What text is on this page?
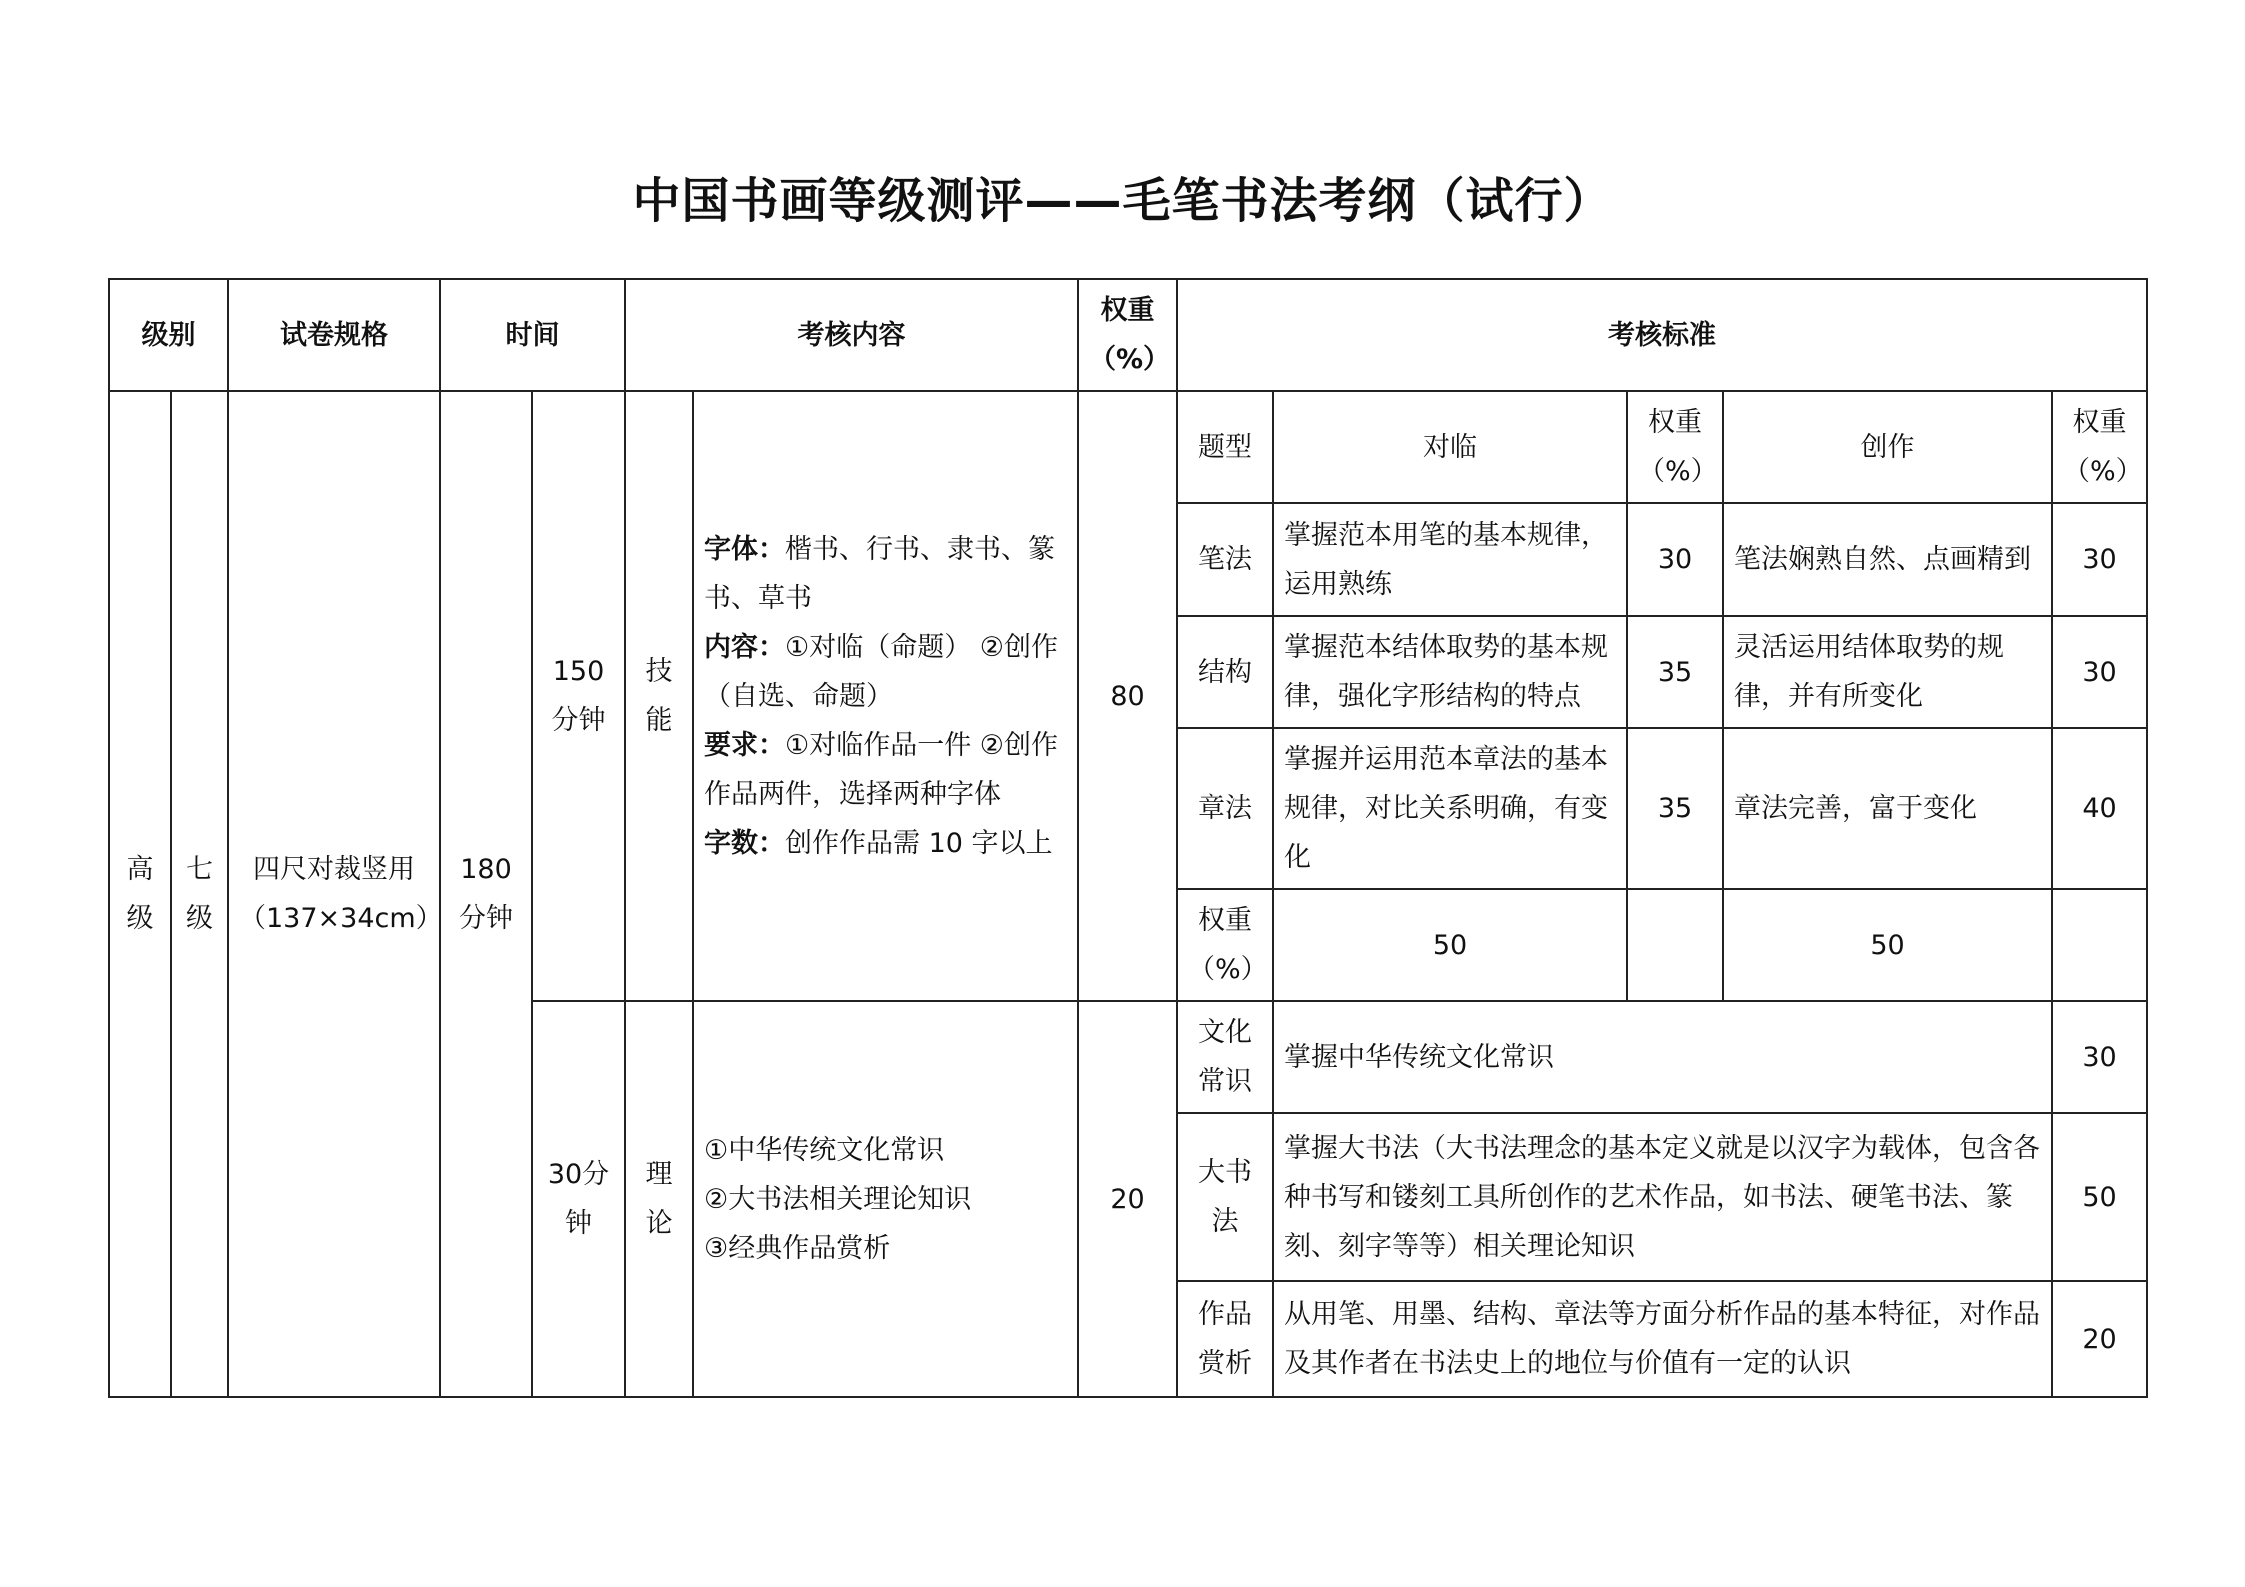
中国书画等级测评——毛笔书法考纲（试行）
级别		试卷规格	时间		考核内容		权重（%）	考核标准				
高级	七级	四尺对裁竖用（137×34cm）	180分钟	150分钟	技能	字体：楷书、行书、隶书、篆书、草书
内容：①对临（命题） ②创作（自选、命题）
要求：①对临作品一件 ②创作作品两件，选择两种字体
字数：创作作品需 10 字以上	80	题型	对临	权重（%）	创作	权重（%）
								笔法	掌握范本用笔的基本规律，运用熟练	30	笔法娴熟自然、点画精到	30
								结构	掌握范本结体取势的基本规律，强化字形结构的特点	35	灵活运用结体取势的规律，并有所变化	30
								章法	掌握并运用范本章法的基本规律，对比关系明确，有变化	35	章法完善，富于变化	40
								权重（%）	50		50	
				30分钟	理论	①中华传统文化常识
②大书法相关理论知识
③经典作品赏析	20	文化常识	掌握中华传统文化常识			30
								大书法	掌握大书法（大书法理念的基本定义就是以汉字为载体，包含各种书写和镂刻工具所创作的艺术作品，如书法、硬笔书法、篆刻、刻字等等）相关理论知识			50
								作品赏析	从用笔、用墨、结构、章法等方面分析作品的基本特征，对作品及其作者在书法史上的地位与价值有一定的认识			20
